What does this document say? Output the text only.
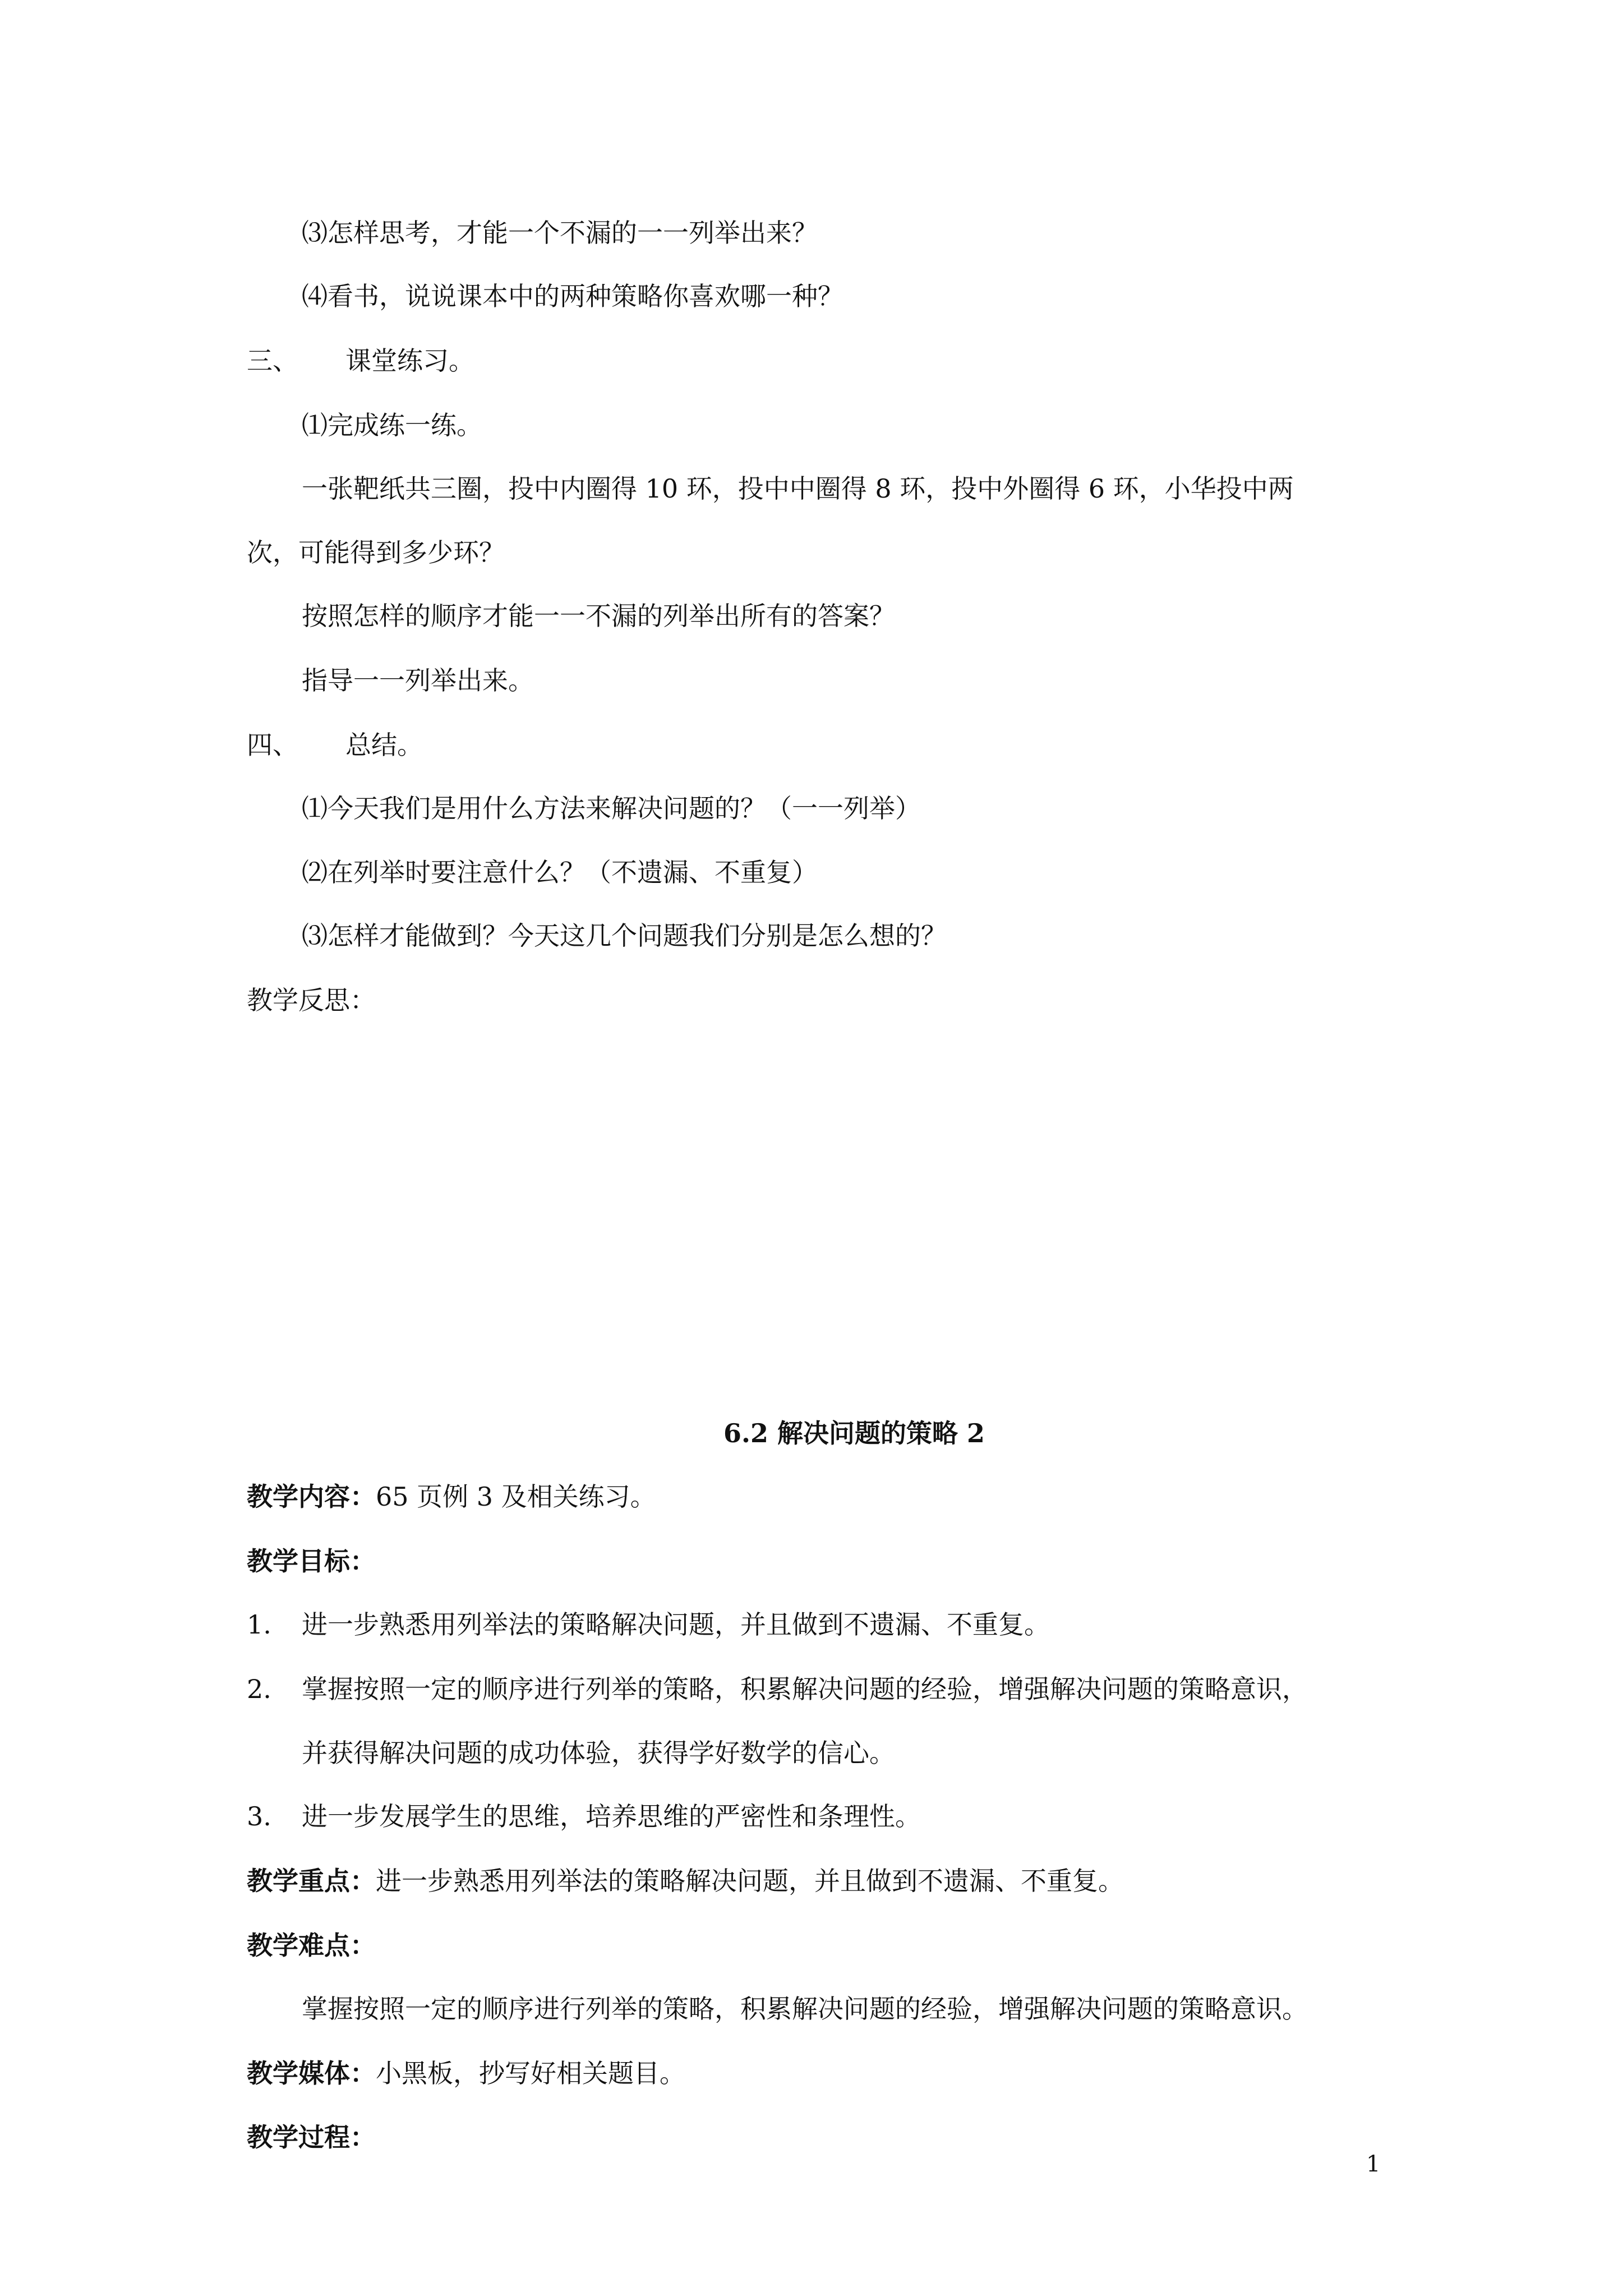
⑶怎样思考，才能一个不漏的一一列举出来？
⑷看书，说说课本中的两种策略你喜欢哪一种？
三、 课堂练习。
⑴完成练一练。
一张靶纸共三圈，投中内圈得 10 环，投中中圈得 8 环，投中外圈得 6 环，小华投中两
次，可能得到多少环？
按照怎样的顺序才能一一不漏的列举出所有的答案？
指导一一列举出来。
四、 总结。
⑴今天我们是用什么方法来解决问题的？（一一列举）
⑵在列举时要注意什么？（不遗漏、不重复）
⑶怎样才能做到？今天这几个问题我们分别是怎么想的？
教学反思：
6.2 解决问题的策略 2
教学内容：65 页例 3 及相关练习。
教学目标：
1. 进一步熟悉用列举法的策略解决问题，并且做到不遗漏、不重复。
2. 掌握按照一定的顺序进行列举的策略，积累解决问题的经验，增强解决问题的策略意识，
并获得解决问题的成功体验，获得学好数学的信心。
3. 进一步发展学生的思维，培养思维的严密性和条理性。
教学重点：进一步熟悉用列举法的策略解决问题，并且做到不遗漏、不重复。
教学难点：
掌握按照一定的顺序进行列举的策略，积累解决问题的经验，增强解决问题的策略意识。
教学媒体：小黑板，抄写好相关题目。
教学过程：
1
